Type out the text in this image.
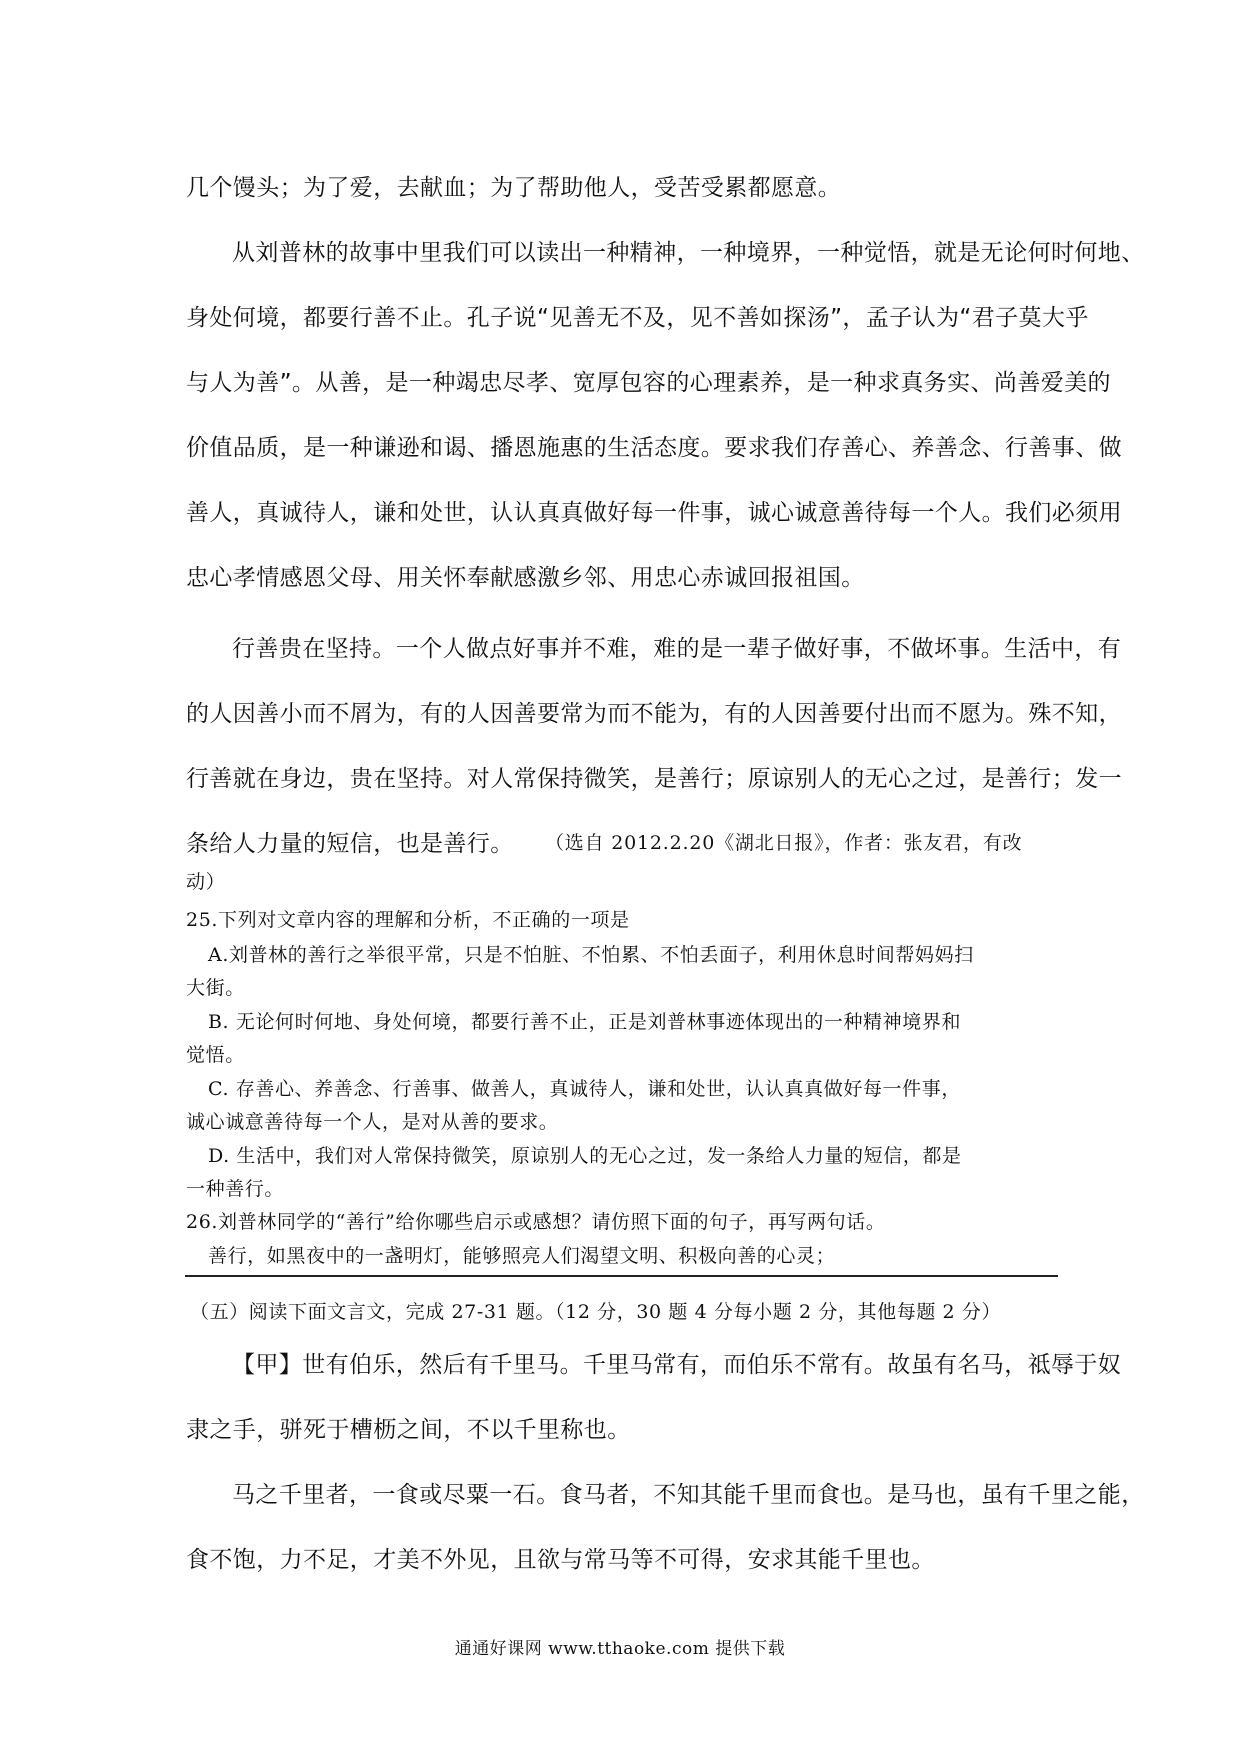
几个馒头；为了爱，去献血；为了帮助他人，受苦受累都愿意。

从刘普林的故事中里我们可以读出一种精神，一种境界，一种觉悟，就是无论何时何地、

身处何境，都要行善不止。孔子说“见善无不及，见不善如探汤”，孟子认为“君子莫大乎

与人为善”。从善，是一种竭忠尽孝、宽厚包容的心理素养，是一种求真务实、尚善爱美的

价值品质，是一种谦逊和谒、播恩施惠的生活态度。要求我们存善心、养善念、行善事、做

善人，真诚待人，谦和处世，认认真真做好每一件事，诚心诚意善待每一个人。我们必须用

忠心孝情感恩父母、用关怀奉献感激乡邻、用忠心赤诚回报祖国。

行善贵在坚持。一个人做点好事并不难，难的是一辈子做好事，不做坏事。生活中，有

的人因善小而不屑为，有的人因善要常为而不能为，有的人因善要付出而不愿为。殊不知，

行善就在身边，贵在坚持。对人常保持微笑，是善行；原谅别人的无心之过，是善行；发一

条给人力量的短信，也是善行。 （选自 2012.2.20《湖北日报》，作者：张友君，有改

动）

25.下列对文章内容的理解和分析，不正确的一项是

A.刘普林的善行之举很平常，只是不怕脏、不怕累、不怕丢面子，利用休息时间帮妈妈扫

大街。

B. 无论何时何地、身处何境，都要行善不止，正是刘普林事迹体现出的一种精神境界和

觉悟。

C. 存善心、养善念、行善事、做善人，真诚待人，谦和处世，认认真真做好每一件事，

诚心诚意善待每一个人，是对从善的要求。

D. 生活中，我们对人常保持微笑，原谅别人的无心之过，发一条给人力量的短信，都是

一种善行。

26.刘普林同学的“善行”给你哪些启示或感想？请仿照下面的句子，再写两句话。

善行，如黑夜中的一盏明灯，能够照亮人们渴望文明、积极向善的心灵；

（五）阅读下面文言文，完成 27-31 题。（12 分，30 题 4 分每小题 2 分，其他每题 2 分）

【甲】世有伯乐，然后有千里马。千里马常有，而伯乐不常有。故虽有名马，祗辱于奴

隶之手，骈死于槽枥之间，不以千里称也。

马之千里者，一食或尽粟一石。食马者，不知其能千里而食也。是马也，虽有千里之能，

食不饱，力不足，才美不外见，且欲与常马等不可得，安求其能千里也。

通通好课网 www.tthaoke.com 提供下载
